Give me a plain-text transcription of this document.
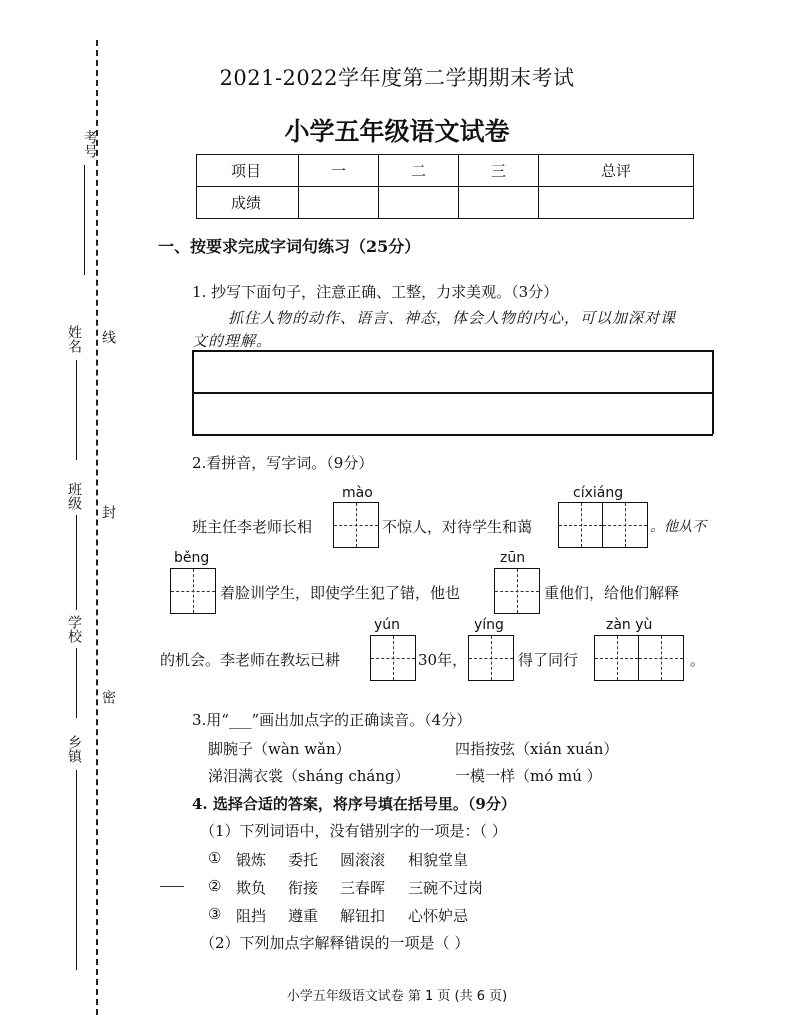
考号
姓名 线
班级
封
学校
密
乡镇
2021-2022学年度第二学期期末考试
小学五年级语文试卷
项目	一	二	三	总评
成绩				
一、按要求完成字词句练习（25分）
1. 抄写下面句子，注意正确、工整，力求美观。（3分）
抓住人物的动作、语言、神态，体会人物的内心，可以加深对课
文的理解。
2.看拼音，写字词。（9分）
mào	cíxiáng
班主任李老师长相	不惊人，对待学生和蔼	。他从不
běng	zūn
着脸训学生，即使学生犯了错，他也	重他们，给他们解释
yún	yíng	zàn yù
的机会。李老师在教坛已耕	30年，	得了同行	。
3.用“___”画出加点字的正确读音。（4分）
脚腕子（wàn wǎn）	四指按弦（xián xuán）
涕泪满衣裳（sháng cháng）	一模一样（mó mú ）
4. 选择合适的答案，将序号填在括号里。（9分）
（1）下列词语中，没有错别字的一项是：（ ）
① 锻炼 委托 圆滚滚 相貌堂皇
② 欺负 衔接 三春晖 三碗不过岗
③ 阻挡 遵重 解钮扣 心怀妒忌
（2）下列加点字解释错误的一项是（ ）
小学五年级语文试卷 第 1 页 (共 6 页)
